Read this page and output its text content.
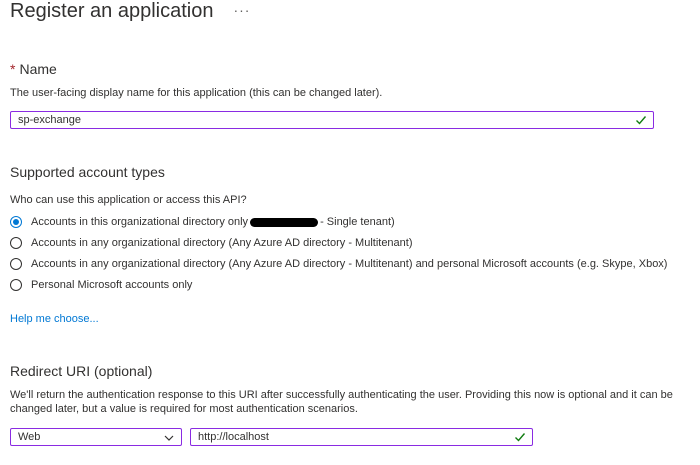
Register an application ···
* Name
The user-facing display name for this application (this can be changed later).
sp-exchange
Supported account types
Who can use this application or access this API?
Accounts in this organizational directory only	- Single tenant)
Accounts in any organizational directory (Any Azure AD directory - Multitenant)
Accounts in any organizational directory (Any Azure AD directory - Multitenant) and personal Microsoft accounts (e.g. Skype, Xbox)
Personal Microsoft accounts only
Help me choose...
Redirect URI (optional)
We'll return the authentication response to this URI after successfully authenticating the user. Providing this now is optional and it can be
changed later, but a value is required for most authentication scenarios.
Web	http://localhost
